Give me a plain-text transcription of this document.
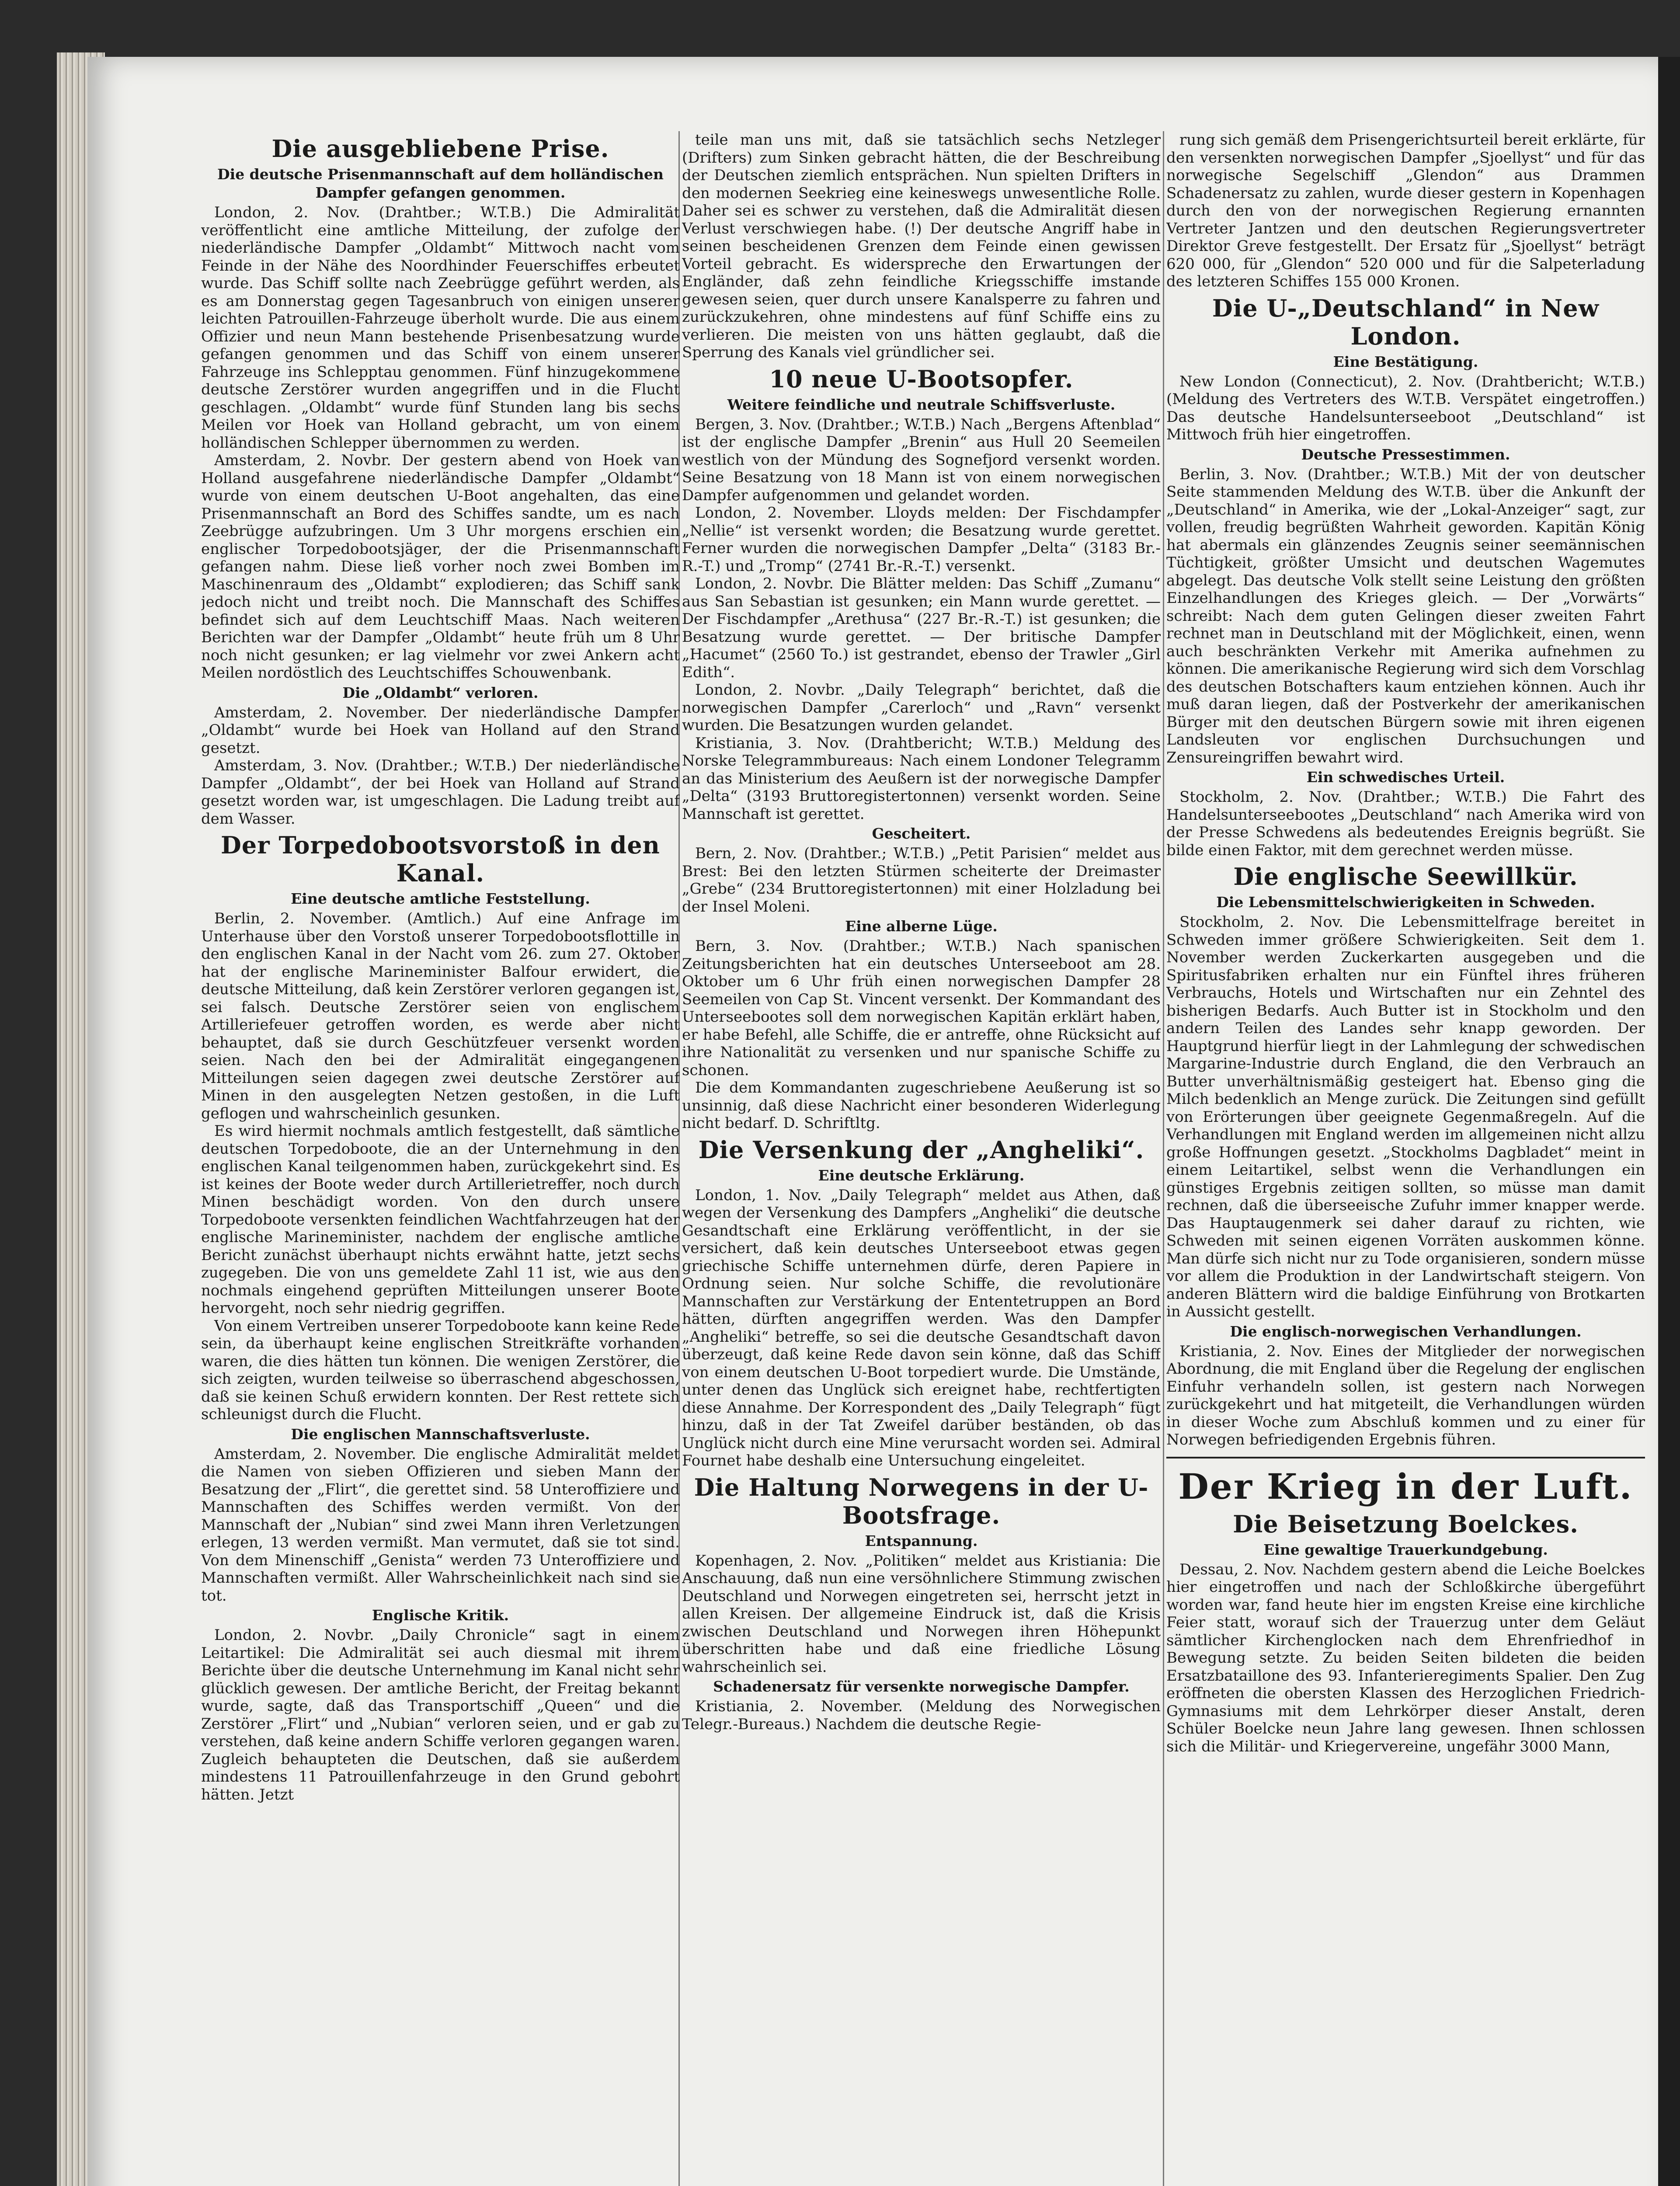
Die ausgebliebene Prise.
Die deutsche Prisenmannschaft auf dem holländischen Dampfer gefangen genommen.

London, 2. Nov. (Drahtber.; W.T.B.) Die Admiralität veröffentlicht eine amtliche Mitteilung, der zufolge der niederländische Dampfer „Oldambt“ Mittwoch nacht vom Feinde in der Nähe des Noordhinder Feuerschiffes erbeutet wurde. Das Schiff sollte nach Zeebrügge geführt werden, als es am Donnerstag gegen Tagesanbruch von einigen unserer leichten Patrouillen-Fahrzeuge überholt wurde. Die aus einem Offizier und neun Mann bestehende Prisenbesatzung wurde gefangen genommen und das Schiff von einem unserer Fahrzeuge ins Schlepptau genommen. Fünf hinzugekommene deutsche Zerstörer wurden angegriffen und in die Flucht geschlagen. „Oldambt“ wurde fünf Stunden lang bis sechs Meilen vor Hoek van Holland gebracht, um von einem holländischen Schlepper übernommen zu werden.

Amsterdam, 2. Novbr. Der gestern abend von Hoek van Holland ausgefahrene niederländische Dampfer „Oldambt“ wurde von einem deutschen U-Boot angehalten, das eine Prisenmannschaft an Bord des Schiffes sandte, um es nach Zeebrügge aufzubringen. Um 3 Uhr morgens erschien ein englischer Torpedobootsjäger, der die Prisenmannschaft gefangen nahm. Diese ließ vorher noch zwei Bomben im Maschinenraum des „Oldambt“ explodieren; das Schiff sank jedoch nicht und treibt noch. Die Mannschaft des Schiffes befindet sich auf dem Leuchtschiff Maas. Nach weiteren Berichten war der Dampfer „Oldambt“ heute früh um 8 Uhr noch nicht gesunken; er lag vielmehr vor zwei Ankern acht Meilen nordöstlich des Leuchtschiffes Schouwenbank.

Die „Oldambt“ verloren.

Amsterdam, 2. November. Der niederländische Dampfer „Oldambt“ wurde bei Hoek van Holland auf den Strand gesetzt.

Amsterdam, 3. Nov. (Drahtber.; W.T.B.) Der niederländische Dampfer „Oldambt“, der bei Hoek van Holland auf Strand gesetzt worden war, ist umgeschlagen. Die Ladung treibt auf dem Wasser.

Der Torpedobootsvorstoß in den Kanal.
Eine deutsche amtliche Feststellung.

Berlin, 2. November. (Amtlich.) Auf eine Anfrage im Unterhause über den Vorstoß unserer Torpedobootsflottille in den englischen Kanal in der Nacht vom 26. zum 27. Oktober hat der englische Marineminister Balfour erwidert, die deutsche Mitteilung, daß kein Zerstörer verloren gegangen ist, sei falsch. Deutsche Zerstörer seien von englischem Artilleriefeuer getroffen worden, es werde aber nicht behauptet, daß sie durch Geschützfeuer versenkt worden seien. Nach den bei der Admiralität eingegangenen Mitteilungen seien dagegen zwei deutsche Zerstörer auf Minen in den ausgelegten Netzen gestoßen, in die Luft geflogen und wahrscheinlich gesunken.

Es wird hiermit nochmals amtlich festgestellt, daß sämtliche deutschen Torpedoboote, die an der Unternehmung in den englischen Kanal teilgenommen haben, zurückgekehrt sind. Es ist keines der Boote weder durch Artillerietreffer, noch durch Minen beschädigt worden. Von den durch unsere Torpedoboote versenkten feindlichen Wachtfahrzeugen hat der englische Marineminister, nachdem der englische amtliche Bericht zunächst überhaupt nichts erwähnt hatte, jetzt sechs zugegeben. Die von uns gemeldete Zahl 11 ist, wie aus den nochmals eingehend geprüften Mitteilungen unserer Boote hervorgeht, noch sehr niedrig gegriffen.

Von einem Vertreiben unserer Torpedoboote kann keine Rede sein, da überhaupt keine englischen Streitkräfte vorhanden waren, die dies hätten tun können. Die wenigen Zerstörer, die sich zeigten, wurden teilweise so überraschend abgeschossen, daß sie keinen Schuß erwidern konnten. Der Rest rettete sich schleunigst durch die Flucht.

Die englischen Mannschaftsverluste.

Amsterdam, 2. November. Die englische Admiralität meldet die Namen von sieben Offizieren und sieben Mann der Besatzung der „Flirt“, die gerettet sind. 58 Unteroffiziere und Mannschaften des Schiffes werden vermißt. Von der Mannschaft der „Nubian“ sind zwei Mann ihren Verletzungen erlegen, 13 werden vermißt. Man vermutet, daß sie tot sind. Von dem Minenschiff „Genista“ werden 73 Unteroffiziere und Mannschaften vermißt. Aller Wahrscheinlichkeit nach sind sie tot.

Englische Kritik.

London, 2. Novbr. „Daily Chronicle“ sagt in einem Leitartikel: Die Admiralität sei auch diesmal mit ihrem Berichte über die deutsche Unternehmung im Kanal nicht sehr glücklich gewesen. Der amtliche Bericht, der Freitag bekannt wurde, sagte, daß das Transportschiff „Queen“ und die Zerstörer „Flirt“ und „Nubian“ verloren seien, und er gab zu verstehen, daß keine andern Schiffe verloren gegangen waren. Zugleich behaupteten die Deutschen, daß sie außerdem mindestens 11 Patrouillenfahrzeuge in den Grund gebohrt hätten. Jetzt

teile man uns mit, daß sie tatsächlich sechs Netzleger (Drifters) zum Sinken gebracht hätten, die der Beschreibung der Deutschen ziemlich entsprächen. Nun spielten Drifters in den modernen Seekrieg eine keineswegs unwesentliche Rolle. Daher sei es schwer zu verstehen, daß die Admiralität diesen Verlust verschwiegen habe. (!) Der deutsche Angriff habe in seinen bescheidenen Grenzen dem Feinde einen gewissen Vorteil gebracht. Es widerspreche den Erwartungen der Engländer, daß zehn feindliche Kriegsschiffe imstande gewesen seien, quer durch unsere Kanalsperre zu fahren und zurückzukehren, ohne mindestens auf fünf Schiffe eins zu verlieren. Die meisten von uns hätten geglaubt, daß die Sperrung des Kanals viel gründlicher sei.

10 neue U-Bootsopfer.
Weitere feindliche und neutrale Schiffsverluste.

Bergen, 3. Nov. (Drahtber.; W.T.B.) Nach „Bergens Aftenblad“ ist der englische Dampfer „Brenin“ aus Hull 20 Seemeilen westlich von der Mündung des Sognefjord versenkt worden. Seine Besatzung von 18 Mann ist von einem norwegischen Dampfer aufgenommen und gelandet worden.

London, 2. November. Lloyds melden: Der Fischdampfer „Nellie“ ist versenkt worden; die Besatzung wurde gerettet. Ferner wurden die norwegischen Dampfer „Delta“ (3183 Br.-R.-T.) und „Tromp“ (2741 Br.-R.-T.) versenkt.

London, 2. Novbr. Die Blätter melden: Das Schiff „Zumanu“ aus San Sebastian ist gesunken; ein Mann wurde gerettet. — Der Fischdampfer „Arethusa“ (227 Br.-R.-T.) ist gesunken; die Besatzung wurde gerettet. — Der britische Dampfer „Hacumet“ (2560 To.) ist gestrandet, ebenso der Trawler „Girl Edith“.

London, 2. Novbr. „Daily Telegraph“ berichtet, daß die norwegischen Dampfer „Carerloch“ und „Ravn“ versenkt wurden. Die Besatzungen wurden gelandet.

Kristiania, 3. Nov. (Drahtbericht; W.T.B.) Meldung des Norske Telegrammbureaus: Nach einem Londoner Telegramm an das Ministerium des Aeußern ist der norwegische Dampfer „Delta“ (3193 Bruttoregistertonnen) versenkt worden. Seine Mannschaft ist gerettet.

Gescheitert.

Bern, 2. Nov. (Drahtber.; W.T.B.) „Petit Parisien“ meldet aus Brest: Bei den letzten Stürmen scheiterte der Dreimaster „Grebe“ (234 Bruttoregistertonnen) mit einer Holzladung bei der Insel Moleni.

Eine alberne Lüge.

Bern, 3. Nov. (Drahtber.; W.T.B.) Nach spanischen Zeitungsberichten hat ein deutsches Unterseeboot am 28. Oktober um 6 Uhr früh einen norwegischen Dampfer 28 Seemeilen von Cap St. Vincent versenkt. Der Kommandant des Unterseebootes soll dem norwegischen Kapitän erklärt haben, er habe Befehl, alle Schiffe, die er antreffe, ohne Rücksicht auf ihre Nationalität zu versenken und nur spanische Schiffe zu schonen.

Die dem Kommandanten zugeschriebene Aeußerung ist so unsinnig, daß diese Nachricht einer besonderen Widerlegung nicht bedarf. D. Schriftltg.

Die Versenkung der „Angheliki“.
Eine deutsche Erklärung.

London, 1. Nov. „Daily Telegraph“ meldet aus Athen, daß wegen der Versenkung des Dampfers „Angheliki“ die deutsche Gesandtschaft eine Erklärung veröffentlicht, in der sie versichert, daß kein deutsches Unterseeboot etwas gegen griechische Schiffe unternehmen dürfe, deren Papiere in Ordnung seien. Nur solche Schiffe, die revolutionäre Mannschaften zur Verstärkung der Ententetruppen an Bord hätten, dürften angegriffen werden. Was den Dampfer „Angheliki“ betreffe, so sei die deutsche Gesandtschaft davon überzeugt, daß keine Rede davon sein könne, daß das Schiff von einem deutschen U-Boot torpediert wurde. Die Umstände, unter denen das Unglück sich ereignet habe, rechtfertigten diese Annahme. Der Korrespondent des „Daily Telegraph“ fügt hinzu, daß in der Tat Zweifel darüber beständen, ob das Unglück nicht durch eine Mine verursacht worden sei. Admiral Fournet habe deshalb eine Untersuchung eingeleitet.

Die Haltung Norwegens in der U-Bootsfrage.
Entspannung.

Kopenhagen, 2. Nov. „Politiken“ meldet aus Kristiania: Die Anschauung, daß nun eine versöhnlichere Stimmung zwischen Deutschland und Norwegen eingetreten sei, herrscht jetzt in allen Kreisen. Der allgemeine Eindruck ist, daß die Krisis zwischen Deutschland und Norwegen ihren Höhepunkt überschritten habe und daß eine friedliche Lösung wahrscheinlich sei.

Schadenersatz für versenkte norwegische Dampfer.

Kristiania, 2. November. (Meldung des Norwegischen Telegr.-Bureaus.) Nachdem die deutsche Regie-

rung sich gemäß dem Prisengerichtsurteil bereit erklärte, für den versenkten norwegischen Dampfer „Sjoellyst“ und für das norwegische Segelschiff „Glendon“ aus Drammen Schadenersatz zu zahlen, wurde dieser gestern in Kopenhagen durch den von der norwegischen Regierung ernannten Vertreter Jantzen und den deutschen Regierungsvertreter Direktor Greve festgestellt. Der Ersatz für „Sjoellyst“ beträgt 620 000, für „Glendon“ 520 000 und für die Salpeterladung des letzteren Schiffes 155 000 Kronen.

Die U-„Deutschland“ in New London.
Eine Bestätigung.

New London (Connecticut), 2. Nov. (Drahtbericht; W.T.B.) (Meldung des Vertreters des W.T.B. Verspätet eingetroffen.) Das deutsche Handelsunterseeboot „Deutschland“ ist Mittwoch früh hier eingetroffen.

Deutsche Pressestimmen.

Berlin, 3. Nov. (Drahtber.; W.T.B.) Mit der von deutscher Seite stammenden Meldung des W.T.B. über die Ankunft der „Deutschland“ in Amerika, wie der „Lokal-Anzeiger“ sagt, zur vollen, freudig begrüßten Wahrheit geworden. Kapitän König hat abermals ein glänzendes Zeugnis seiner seemännischen Tüchtigkeit, größter Umsicht und deutschen Wagemutes abgelegt. Das deutsche Volk stellt seine Leistung den größten Einzelhandlungen des Krieges gleich. — Der „Vorwärts“ schreibt: Nach dem guten Gelingen dieser zweiten Fahrt rechnet man in Deutschland mit der Möglichkeit, einen, wenn auch beschränkten Verkehr mit Amerika aufnehmen zu können. Die amerikanische Regierung wird sich dem Vorschlag des deutschen Botschafters kaum entziehen können. Auch ihr muß daran liegen, daß der Postverkehr der amerikanischen Bürger mit den deutschen Bürgern sowie mit ihren eigenen Landsleuten vor englischen Durchsuchungen und Zensureingriffen bewahrt wird.

Ein schwedisches Urteil.

Stockholm, 2. Nov. (Drahtber.; W.T.B.) Die Fahrt des Handelsunterseebootes „Deutschland“ nach Amerika wird von der Presse Schwedens als bedeutendes Ereignis begrüßt. Sie bilde einen Faktor, mit dem gerechnet werden müsse.

Die englische Seewillkür.
Die Lebensmittelschwierigkeiten in Schweden.

Stockholm, 2. Nov. Die Lebensmittelfrage bereitet in Schweden immer größere Schwierigkeiten. Seit dem 1. November werden Zuckerkarten ausgegeben und die Spiritusfabriken erhalten nur ein Fünftel ihres früheren Verbrauchs, Hotels und Wirtschaften nur ein Zehntel des bisherigen Bedarfs. Auch Butter ist in Stockholm und den andern Teilen des Landes sehr knapp geworden. Der Hauptgrund hierfür liegt in der Lahmlegung der schwedischen Margarine-Industrie durch England, die den Verbrauch an Butter unverhältnismäßig gesteigert hat. Ebenso ging die Milch bedenklich an Menge zurück. Die Zeitungen sind gefüllt von Erörterungen über geeignete Gegenmaßregeln. Auf die Verhandlungen mit England werden im allgemeinen nicht allzu große Hoffnungen gesetzt. „Stockholms Dagbladet“ meint in einem Leitartikel, selbst wenn die Verhandlungen ein günstiges Ergebnis zeitigen sollten, so müsse man damit rechnen, daß die überseeische Zufuhr immer knapper werde. Das Hauptaugenmerk sei daher darauf zu richten, wie Schweden mit seinen eigenen Vorräten auskommen könne. Man dürfe sich nicht nur zu Tode organisieren, sondern müsse vor allem die Produktion in der Landwirtschaft steigern. Von anderen Blättern wird die baldige Einführung von Brotkarten in Aussicht gestellt.

Die englisch-norwegischen Verhandlungen.

Kristiania, 2. Nov. Eines der Mitglieder der norwegischen Abordnung, die mit England über die Regelung der englischen Einfuhr verhandeln sollen, ist gestern nach Norwegen zurückgekehrt und hat mitgeteilt, die Verhandlungen würden in dieser Woche zum Abschluß kommen und zu einer für Norwegen befriedigenden Ergebnis führen.

Der Krieg in der Luft.
Die Beisetzung Boelckes.
Eine gewaltige Trauerkundgebung.

Dessau, 2. Nov. Nachdem gestern abend die Leiche Boelckes hier eingetroffen und nach der Schloßkirche übergeführt worden war, fand heute hier im engsten Kreise eine kirchliche Feier statt, worauf sich der Trauerzug unter dem Geläut sämtlicher Kirchenglocken nach dem Ehrenfriedhof in Bewegung setzte. Zu beiden Seiten bildeten die beiden Ersatzbataillone des 93. Infanterieregiments Spalier. Den Zug eröffneten die obersten Klassen des Herzoglichen Friedrich-Gymnasiums mit dem Lehrkörper dieser Anstalt, deren Schüler Boelcke neun Jahre lang gewesen. Ihnen schlossen sich die Militär- und Kriegervereine, ungefähr 3000 Mann,
